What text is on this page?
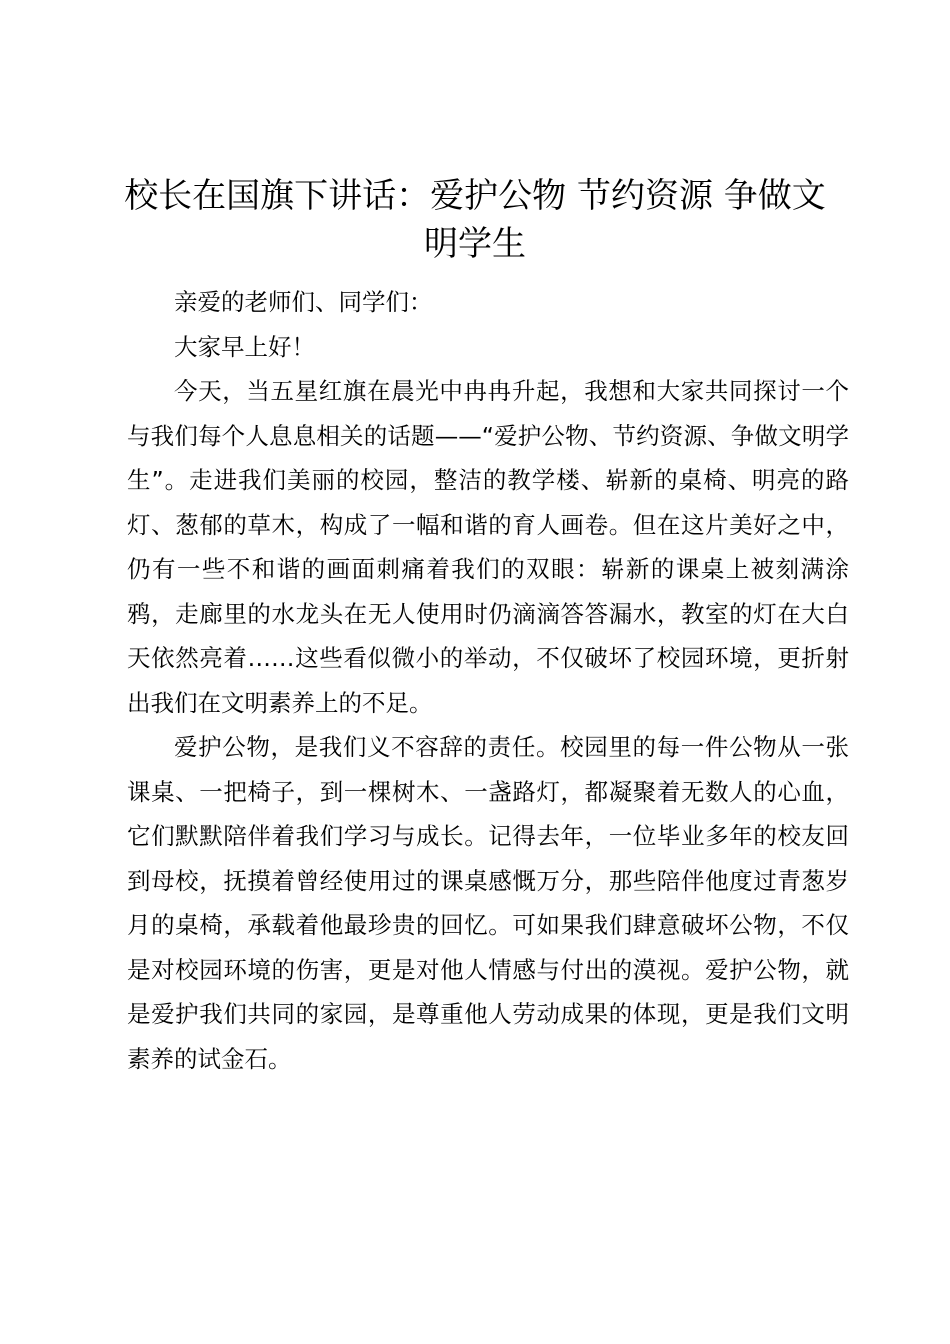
校长在国旗下讲话：爱护公物 节约资源 争做文明学生

亲爱的老师们、同学们：

大家早上好！

今天，当五星红旗在晨光中冉冉升起，我想和大家共同探讨一个与我们每个人息息相关的话题——“爱护公物、节约资源、争做文明学生”。走进我们美丽的校园，整洁的教学楼、崭新的桌椅、明亮的路灯、葱郁的草木，构成了一幅和谐的育人画卷。但在这片美好之中，仍有一些不和谐的画面刺痛着我们的双眼：崭新的课桌上被刻满涂鸦，走廊里的水龙头在无人使用时仍滴滴答答漏水，教室的灯在大白天依然亮着……这些看似微小的举动，不仅破坏了校园环境，更折射出我们在文明素养上的不足。

爱护公物，是我们义不容辞的责任。校园里的每一件公物从一张课桌、一把椅子，到一棵树木、一盏路灯，都凝聚着无数人的心血，它们默默陪伴着我们学习与成长。记得去年，一位毕业多年的校友回到母校，抚摸着曾经使用过的课桌感慨万分，那些陪伴他度过青葱岁月的桌椅，承载着他最珍贵的回忆。可如果我们肆意破坏公物，不仅是对校园环境的伤害，更是对他人情感与付出的漠视。爱护公物，就是爱护我们共同的家园，是尊重他人劳动成果的体现，更是我们文明素养的试金石。
